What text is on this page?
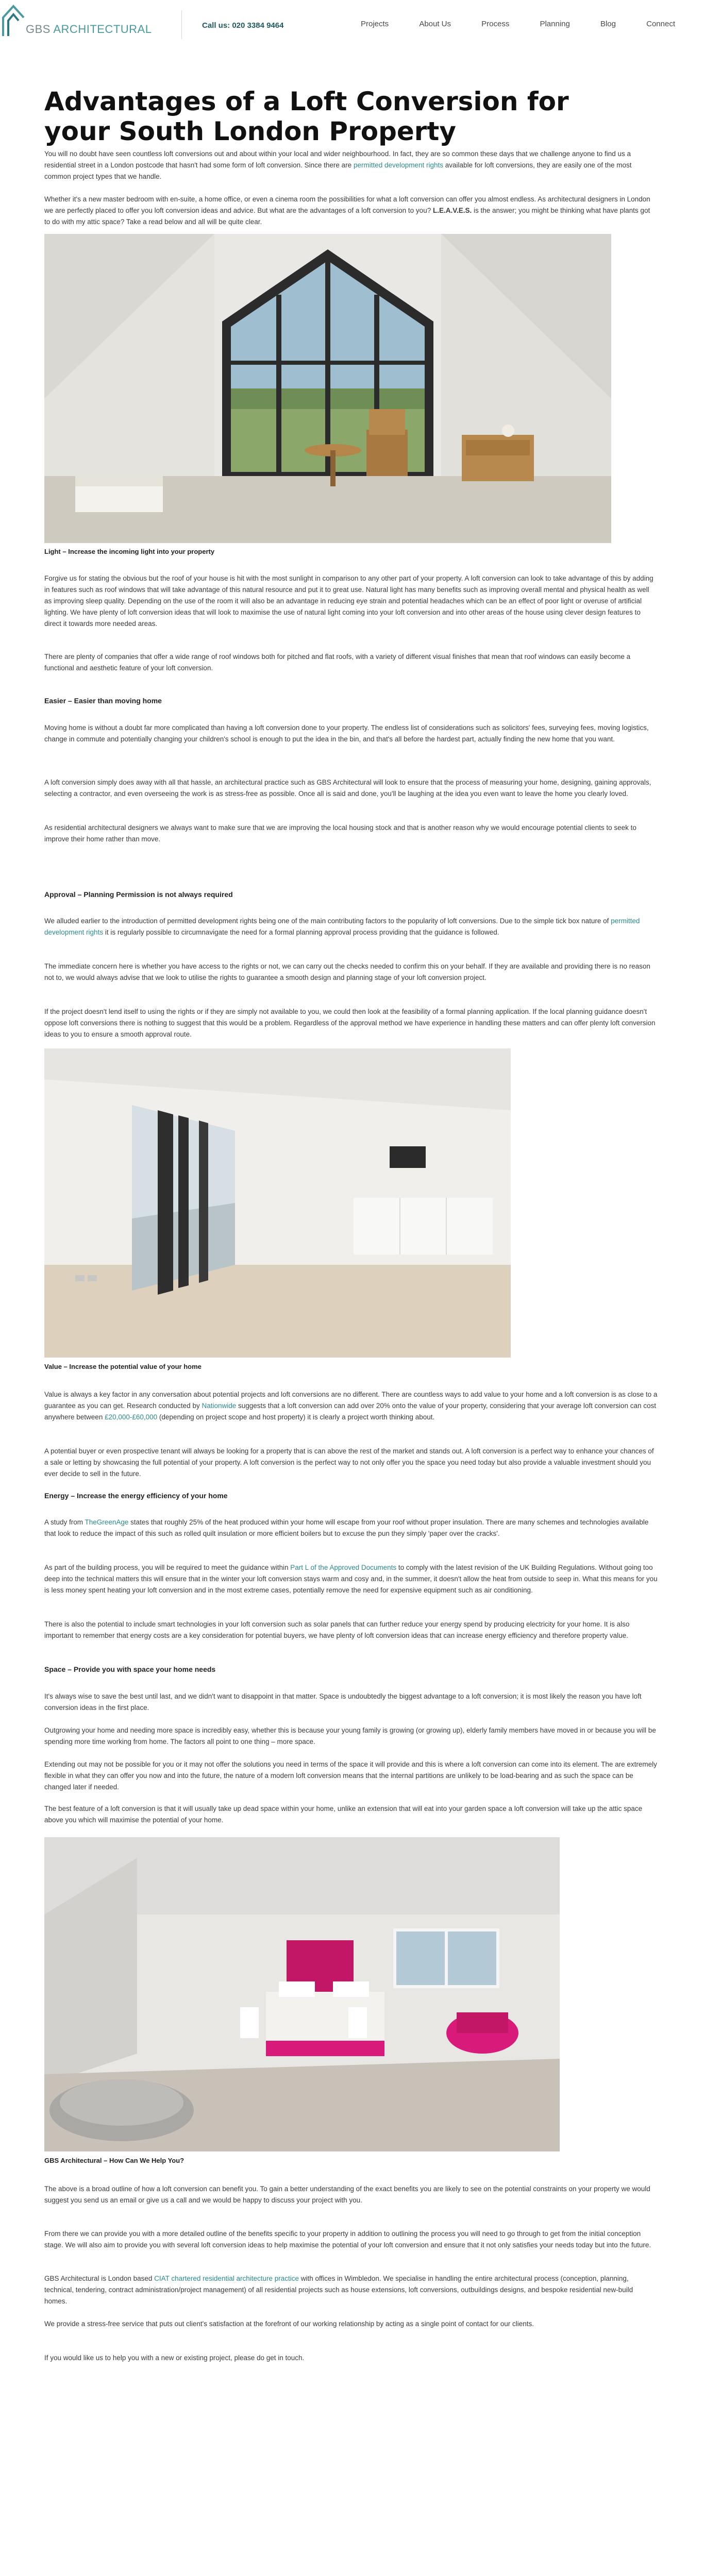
GBS ARCHITECTURAL	Call us: 020 3384 9464	Projects	About Us	Process	Planning	Blog	Connect
Advantages of a Loft Conversion for your South London Property
You will no doubt have seen countless loft conversions out and about within your local and wider neighbourhood. In fact, they are so common these days that we challenge anyone to find us a residential street in a London postcode that hasn't had some form of loft conversion. Since there are permitted development rights available for loft conversions, they are easily one of the most common project types that we handle.
Whether it's a new master bedroom with en-suite, a home office, or even a cinema room the possibilities for what a loft conversion can offer you almost endless. As architectural designers in London we are perfectly placed to offer you loft conversion ideas and advice. But what are the advantages of a loft conversion to you? L.E.A.V.E.S. is the answer; you might be thinking what have plants got to do with my attic space? Take a read below and all will be quite clear.
Light – Increase the incoming light into your property
Forgive us for stating the obvious but the roof of your house is hit with the most sunlight in comparison to any other part of your property. A loft conversion can look to take advantage of this by adding in features such as roof windows that will take advantage of this natural resource and put it to great use. Natural light has many benefits such as improving overall mental and physical health as well as improving sleep quality. Depending on the use of the room it will also be an advantage in reducing eye strain and potential headaches which can be an effect of poor light or overuse of artificial lighting. We have plenty of loft conversion ideas that will look to maximise the use of natural light coming into your loft conversion and into other areas of the house using clever design features to direct it towards more needed areas.
There are plenty of companies that offer a wide range of roof windows both for pitched and flat roofs, with a variety of different visual finishes that mean that roof windows can easily become a functional and aesthetic feature of your loft conversion.
Easier – Easier than moving home
Moving home is without a doubt far more complicated than having a loft conversion done to your property. The endless list of considerations such as solicitors' fees, surveying fees, moving logistics, change in commute and potentially changing your children's school is enough to put the idea in the bin, and that's all before the hardest part, actually finding the new home that you want.
A loft conversion simply does away with all that hassle, an architectural practice such as GBS Architectural will look to ensure that the process of measuring your home, designing, gaining approvals, selecting a contractor, and even overseeing the work is as stress-free as possible. Once all is said and done, you'll be laughing at the idea you even want to leave the home you clearly loved.
As residential architectural designers we always want to make sure that we are improving the local housing stock and that is another reason why we would encourage potential clients to seek to improve their home rather than move.
Approval – Planning Permission is not always required
We alluded earlier to the introduction of permitted development rights being one of the main contributing factors to the popularity of loft conversions. Due to the simple tick box nature of permitted development rights it is regularly possible to circumnavigate the need for a formal planning approval process providing that the guidance is followed.
The immediate concern here is whether you have access to the rights or not, we can carry out the checks needed to confirm this on your behalf. If they are available and providing there is no reason not to, we would always advise that we look to utilise the rights to guarantee a smooth design and planning stage of your loft conversion project.
If the project doesn't lend itself to using the rights or if they are simply not available to you, we could then look at the feasibility of a formal planning application. If the local planning guidance doesn't oppose loft conversions there is nothing to suggest that this would be a problem. Regardless of the approval method we have experience in handling these matters and can offer plenty loft conversion ideas to you to ensure a smooth approval route.
Value – Increase the potential value of your home
Value is always a key factor in any conversation about potential projects and loft conversions are no different. There are countless ways to add value to your home and a loft conversion is as close to a guarantee as you can get. Research conducted by Nationwide suggests that a loft conversion can add over 20% onto the value of your property, considering that your average loft conversion can cost anywhere between £20,000-£60,000 (depending on project scope and host property) it is clearly a project worth thinking about.
A potential buyer or even prospective tenant will always be looking for a property that is can above the rest of the market and stands out. A loft conversion is a perfect way to enhance your chances of a sale or letting by showcasing the full potential of your property. A loft conversion is the perfect way to not only offer you the space you need today but also provide a valuable investment should you ever decide to sell in the future.
Energy – Increase the energy efficiency of your home
A study from TheGreenAge states that roughly 25% of the heat produced within your home will escape from your roof without proper insulation. There are many schemes and technologies available that look to reduce the impact of this such as rolled quilt insulation or more efficient boilers but to excuse the pun they simply 'paper over the cracks'.
As part of the building process, you will be required to meet the guidance within Part L of the Approved Documents to comply with the latest revision of the UK Building Regulations. Without going too deep into the technical matters this will ensure that in the winter your loft conversion stays warm and cosy and, in the summer, it doesn't allow the heat from outside to seep in. What this means for you is less money spent heating your loft conversion and in the most extreme cases, potentially remove the need for expensive equipment such as air conditioning.
There is also the potential to include smart technologies in your loft conversion such as solar panels that can further reduce your energy spend by producing electricity for your home. It is also important to remember that energy costs are a key consideration for potential buyers, we have plenty of loft conversion ideas that can increase energy efficiency and therefore property value.
Space – Provide you with space your home needs
It's always wise to save the best until last, and we didn't want to disappoint in that matter. Space is undoubtedly the biggest advantage to a loft conversion; it is most likely the reason you have loft conversion ideas in the first place.
Outgrowing your home and needing more space is incredibly easy, whether this is because your young family is growing (or growing up), elderly family members have moved in or because you will be spending more time working from home. The factors all point to one thing – more space.
Extending out may not be possible for you or it may not offer the solutions you need in terms of the space it will provide and this is where a loft conversion can come into its element. The are extremely flexible in what they can offer you now and into the future, the nature of a modern loft conversion means that the internal partitions are unlikely to be load-bearing and as such the space can be changed later if needed.
The best feature of a loft conversion is that it will usually take up dead space within your home, unlike an extension that will eat into your garden space a loft conversion will take up the attic space above you which will maximise the potential of your home.
GBS Architectural – How Can We Help You?
The above is a broad outline of how a loft conversion can benefit you. To gain a better understanding of the exact benefits you are likely to see on the potential constraints on your property we would suggest you send us an email or give us a call and we would be happy to discuss your project with you.
From there we can provide you with a more detailed outline of the benefits specific to your property in addition to outlining the process you will need to go through to get from the initial conception stage. We will also aim to provide you with several loft conversion ideas to help maximise the potential of your loft conversion and ensure that it not only satisfies your needs today but into the future.
GBS Architectural is London based CIAT chartered residential architecture practice with offices in Wimbledon. We specialise in handling the entire architectural process (conception, planning, technical, tendering, contract administration/project management) of all residential projects such as house extensions, loft conversions, outbuildings designs, and bespoke residential new-build homes.
We provide a stress-free service that puts out client's satisfaction at the forefront of our working relationship by acting as a single point of contact for our clients.
If you would like us to help you with a new or existing project, please do get in touch.
